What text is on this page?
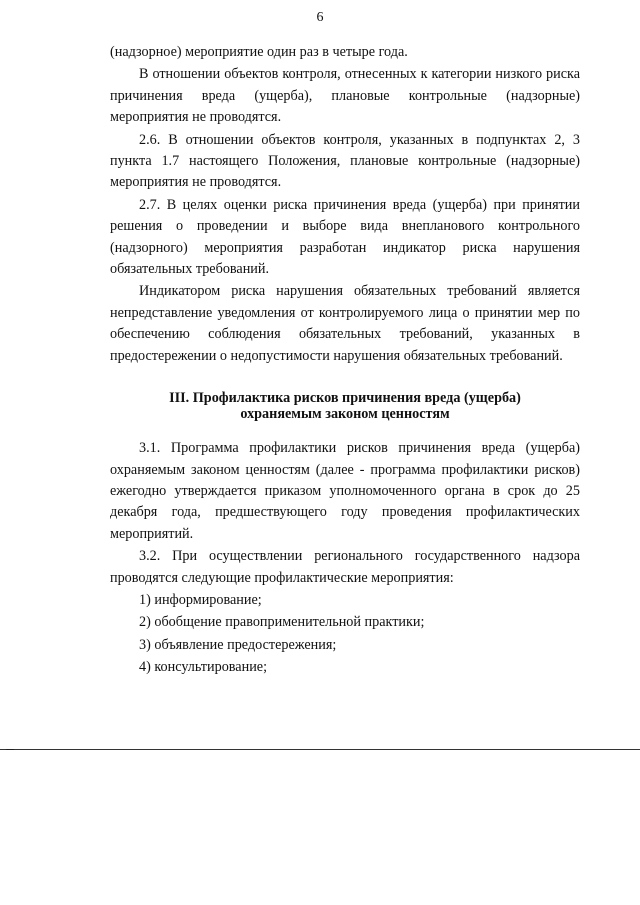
6

(надзорное) мероприятие один раз в четыре года.

В отношении объектов контроля, отнесенных к категории низкого риска причинения вреда (ущерба), плановые контрольные (надзорные) мероприятия не проводятся.

2.6. В отношении объектов контроля, указанных в подпунктах 2, 3 пункта 1.7 настоящего Положения, плановые контрольные (надзорные) мероприятия не проводятся.

2.7. В целях оценки риска причинения вреда (ущерба) при принятии решения о проведении и выборе вида внепланового контрольного (надзорного) мероприятия разработан индикатор риска нарушения обязательных требований.

Индикатором риска нарушения обязательных требований является непредставление уведомления от контролируемого лица о принятии мер по обеспечению соблюдения обязательных требований, указанных в предостережении о недопустимости нарушения обязательных требований.

III. Профилактика рисков причинения вреда (ущерба)
охраняемым законом ценностям

3.1. Программа профилактики рисков причинения вреда (ущерба) охраняемым законом ценностям (далее - программа профилактики рисков) ежегодно утверждается приказом уполномоченного органа в срок до 25 декабря года, предшествующего году проведения профилактических мероприятий.

3.2. При осуществлении регионального государственного надзора проводятся следующие профилактические мероприятия:

1) информирование;

2) обобщение правоприменительной практики;

3) объявление предостережения;

4) консультирование;
